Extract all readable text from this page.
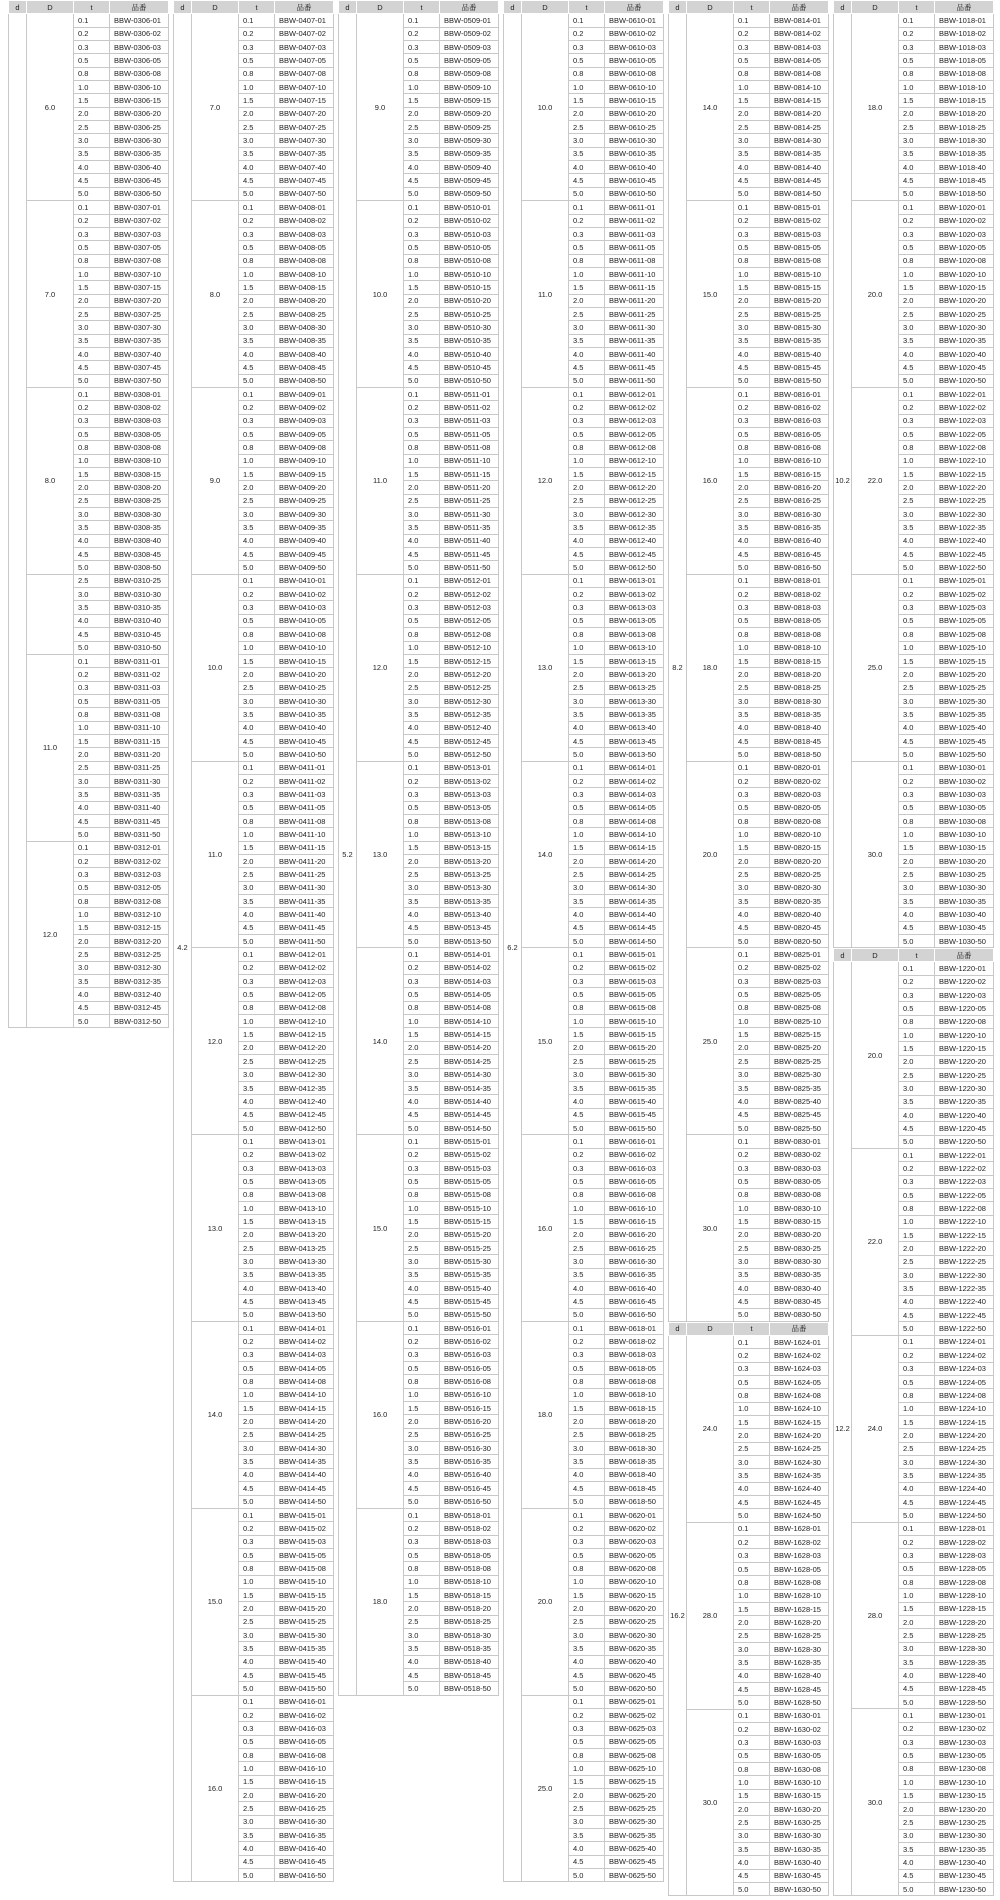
d	D	t	品番
	6.0	0.1	BBW-0306-01
		0.2	BBW-0306-02
		0.3	BBW-0306-03
		0.5	BBW-0306-05
		0.8	BBW-0306-08
		1.0	BBW-0306-10
		1.5	BBW-0306-15
		2.0	BBW-0306-20
		2.5	BBW-0306-25
		3.0	BBW-0306-30
		3.5	BBW-0306-35
		4.0	BBW-0306-40
		4.5	BBW-0306-45
		5.0	BBW-0306-50
	7.0	0.1	BBW-0307-01
		0.2	BBW-0307-02
		0.3	BBW-0307-03
		0.5	BBW-0307-05
		0.8	BBW-0307-08
		1.0	BBW-0307-10
		1.5	BBW-0307-15
		2.0	BBW-0307-20
		2.5	BBW-0307-25
		3.0	BBW-0307-30
		3.5	BBW-0307-35
		4.0	BBW-0307-40
		4.5	BBW-0307-45
		5.0	BBW-0307-50
	8.0	0.1	BBW-0308-01
		0.2	BBW-0308-02
		0.3	BBW-0308-03
		0.5	BBW-0308-05
		0.8	BBW-0308-08
		1.0	BBW-0308-10
		1.5	BBW-0308-15
		2.0	BBW-0308-20
		2.5	BBW-0308-25
		3.0	BBW-0308-30
		3.5	BBW-0308-35
		4.0	BBW-0308-40
		4.5	BBW-0308-45
		5.0	BBW-0308-50
		2.5	BBW-0310-25
		3.0	BBW-0310-30
		3.5	BBW-0310-35
		4.0	BBW-0310-40
		4.5	BBW-0310-45
		5.0	BBW-0310-50
	11.0	0.1	BBW-0311-01
		0.2	BBW-0311-02
		0.3	BBW-0311-03
		0.5	BBW-0311-05
		0.8	BBW-0311-08
		1.0	BBW-0311-10
		1.5	BBW-0311-15
		2.0	BBW-0311-20
		2.5	BBW-0311-25
		3.0	BBW-0311-30
		3.5	BBW-0311-35
		4.0	BBW-0311-40
		4.5	BBW-0311-45
		5.0	BBW-0311-50
	12.0	0.1	BBW-0312-01
		0.2	BBW-0312-02
		0.3	BBW-0312-03
		0.5	BBW-0312-05
		0.8	BBW-0312-08
		1.0	BBW-0312-10
		1.5	BBW-0312-15
		2.0	BBW-0312-20
		2.5	BBW-0312-25
		3.0	BBW-0312-30
		3.5	BBW-0312-35
		4.0	BBW-0312-40
		4.5	BBW-0312-45
		5.0	BBW-0312-50
d	D	t	品番
4.2	7.0	0.1	BBW-0407-01
		0.2	BBW-0407-02
		0.3	BBW-0407-03
		0.5	BBW-0407-05
		0.8	BBW-0407-08
		1.0	BBW-0407-10
		1.5	BBW-0407-15
		2.0	BBW-0407-20
		2.5	BBW-0407-25
		3.0	BBW-0407-30
		3.5	BBW-0407-35
		4.0	BBW-0407-40
		4.5	BBW-0407-45
		5.0	BBW-0407-50
	8.0	0.1	BBW-0408-01
		0.2	BBW-0408-02
		0.3	BBW-0408-03
		0.5	BBW-0408-05
		0.8	BBW-0408-08
		1.0	BBW-0408-10
		1.5	BBW-0408-15
		2.0	BBW-0408-20
		2.5	BBW-0408-25
		3.0	BBW-0408-30
		3.5	BBW-0408-35
		4.0	BBW-0408-40
		4.5	BBW-0408-45
		5.0	BBW-0408-50
	9.0	0.1	BBW-0409-01
		0.2	BBW-0409-02
		0.3	BBW-0409-03
		0.5	BBW-0409-05
		0.8	BBW-0409-08
		1.0	BBW-0409-10
		1.5	BBW-0409-15
		2.0	BBW-0409-20
		2.5	BBW-0409-25
		3.0	BBW-0409-30
		3.5	BBW-0409-35
		4.0	BBW-0409-40
		4.5	BBW-0409-45
		5.0	BBW-0409-50
	10.0	0.1	BBW-0410-01
		0.2	BBW-0410-02
		0.3	BBW-0410-03
		0.5	BBW-0410-05
		0.8	BBW-0410-08
		1.0	BBW-0410-10
		1.5	BBW-0410-15
		2.0	BBW-0410-20
		2.5	BBW-0410-25
		3.0	BBW-0410-30
		3.5	BBW-0410-35
		4.0	BBW-0410-40
		4.5	BBW-0410-45
		5.0	BBW-0410-50
	11.0	0.1	BBW-0411-01
		0.2	BBW-0411-02
		0.3	BBW-0411-03
		0.5	BBW-0411-05
		0.8	BBW-0411-08
		1.0	BBW-0411-10
		1.5	BBW-0411-15
		2.0	BBW-0411-20
		2.5	BBW-0411-25
		3.0	BBW-0411-30
		3.5	BBW-0411-35
		4.0	BBW-0411-40
		4.5	BBW-0411-45
		5.0	BBW-0411-50
	12.0	0.1	BBW-0412-01
		0.2	BBW-0412-02
		0.3	BBW-0412-03
		0.5	BBW-0412-05
		0.8	BBW-0412-08
		1.0	BBW-0412-10
		1.5	BBW-0412-15
		2.0	BBW-0412-20
		2.5	BBW-0412-25
		3.0	BBW-0412-30
		3.5	BBW-0412-35
		4.0	BBW-0412-40
		4.5	BBW-0412-45
		5.0	BBW-0412-50
	13.0	0.1	BBW-0413-01
		0.2	BBW-0413-02
		0.3	BBW-0413-03
		0.5	BBW-0413-05
		0.8	BBW-0413-08
		1.0	BBW-0413-10
		1.5	BBW-0413-15
		2.0	BBW-0413-20
		2.5	BBW-0413-25
		3.0	BBW-0413-30
		3.5	BBW-0413-35
		4.0	BBW-0413-40
		4.5	BBW-0413-45
		5.0	BBW-0413-50
	14.0	0.1	BBW-0414-01
		0.2	BBW-0414-02
		0.3	BBW-0414-03
		0.5	BBW-0414-05
		0.8	BBW-0414-08
		1.0	BBW-0414-10
		1.5	BBW-0414-15
		2.0	BBW-0414-20
		2.5	BBW-0414-25
		3.0	BBW-0414-30
		3.5	BBW-0414-35
		4.0	BBW-0414-40
		4.5	BBW-0414-45
		5.0	BBW-0414-50
	15.0	0.1	BBW-0415-01
		0.2	BBW-0415-02
		0.3	BBW-0415-03
		0.5	BBW-0415-05
		0.8	BBW-0415-08
		1.0	BBW-0415-10
		1.5	BBW-0415-15
		2.0	BBW-0415-20
		2.5	BBW-0415-25
		3.0	BBW-0415-30
		3.5	BBW-0415-35
		4.0	BBW-0415-40
		4.5	BBW-0415-45
		5.0	BBW-0415-50
	16.0	0.1	BBW-0416-01
		0.2	BBW-0416-02
		0.3	BBW-0416-03
		0.5	BBW-0416-05
		0.8	BBW-0416-08
		1.0	BBW-0416-10
		1.5	BBW-0416-15
		2.0	BBW-0416-20
		2.5	BBW-0416-25
		3.0	BBW-0416-30
		3.5	BBW-0416-35
		4.0	BBW-0416-40
		4.5	BBW-0416-45
		5.0	BBW-0416-50
d	D	t	品番
5.2	9.0	0.1	BBW-0509-01
		0.2	BBW-0509-02
		0.3	BBW-0509-03
		0.5	BBW-0509-05
		0.8	BBW-0509-08
		1.0	BBW-0509-10
		1.5	BBW-0509-15
		2.0	BBW-0509-20
		2.5	BBW-0509-25
		3.0	BBW-0509-30
		3.5	BBW-0509-35
		4.0	BBW-0509-40
		4.5	BBW-0509-45
		5.0	BBW-0509-50
	10.0	0.1	BBW-0510-01
		0.2	BBW-0510-02
		0.3	BBW-0510-03
		0.5	BBW-0510-05
		0.8	BBW-0510-08
		1.0	BBW-0510-10
		1.5	BBW-0510-15
		2.0	BBW-0510-20
		2.5	BBW-0510-25
		3.0	BBW-0510-30
		3.5	BBW-0510-35
		4.0	BBW-0510-40
		4.5	BBW-0510-45
		5.0	BBW-0510-50
	11.0	0.1	BBW-0511-01
		0.2	BBW-0511-02
		0.3	BBW-0511-03
		0.5	BBW-0511-05
		0.8	BBW-0511-08
		1.0	BBW-0511-10
		1.5	BBW-0511-15
		2.0	BBW-0511-20
		2.5	BBW-0511-25
		3.0	BBW-0511-30
		3.5	BBW-0511-35
		4.0	BBW-0511-40
		4.5	BBW-0511-45
		5.0	BBW-0511-50
	12.0	0.1	BBW-0512-01
		0.2	BBW-0512-02
		0.3	BBW-0512-03
		0.5	BBW-0512-05
		0.8	BBW-0512-08
		1.0	BBW-0512-10
		1.5	BBW-0512-15
		2.0	BBW-0512-20
		2.5	BBW-0512-25
		3.0	BBW-0512-30
		3.5	BBW-0512-35
		4.0	BBW-0512-40
		4.5	BBW-0512-45
		5.0	BBW-0512-50
	13.0	0.1	BBW-0513-01
		0.2	BBW-0513-02
		0.3	BBW-0513-03
		0.5	BBW-0513-05
		0.8	BBW-0513-08
		1.0	BBW-0513-10
		1.5	BBW-0513-15
		2.0	BBW-0513-20
		2.5	BBW-0513-25
		3.0	BBW-0513-30
		3.5	BBW-0513-35
		4.0	BBW-0513-40
		4.5	BBW-0513-45
		5.0	BBW-0513-50
	14.0	0.1	BBW-0514-01
		0.2	BBW-0514-02
		0.3	BBW-0514-03
		0.5	BBW-0514-05
		0.8	BBW-0514-08
		1.0	BBW-0514-10
		1.5	BBW-0514-15
		2.0	BBW-0514-20
		2.5	BBW-0514-25
		3.0	BBW-0514-30
		3.5	BBW-0514-35
		4.0	BBW-0514-40
		4.5	BBW-0514-45
		5.0	BBW-0514-50
	15.0	0.1	BBW-0515-01
		0.2	BBW-0515-02
		0.3	BBW-0515-03
		0.5	BBW-0515-05
		0.8	BBW-0515-08
		1.0	BBW-0515-10
		1.5	BBW-0515-15
		2.0	BBW-0515-20
		2.5	BBW-0515-25
		3.0	BBW-0515-30
		3.5	BBW-0515-35
		4.0	BBW-0515-40
		4.5	BBW-0515-45
		5.0	BBW-0515-50
	16.0	0.1	BBW-0516-01
		0.2	BBW-0516-02
		0.3	BBW-0516-03
		0.5	BBW-0516-05
		0.8	BBW-0516-08
		1.0	BBW-0516-10
		1.5	BBW-0516-15
		2.0	BBW-0516-20
		2.5	BBW-0516-25
		3.0	BBW-0516-30
		3.5	BBW-0516-35
		4.0	BBW-0516-40
		4.5	BBW-0516-45
		5.0	BBW-0516-50
	18.0	0.1	BBW-0518-01
		0.2	BBW-0518-02
		0.3	BBW-0518-03
		0.5	BBW-0518-05
		0.8	BBW-0518-08
		1.0	BBW-0518-10
		1.5	BBW-0518-15
		2.0	BBW-0518-20
		2.5	BBW-0518-25
		3.0	BBW-0518-30
		3.5	BBW-0518-35
		4.0	BBW-0518-40
		4.5	BBW-0518-45
		5.0	BBW-0518-50
d	D	t	品番
6.2	10.0	0.1	BBW-0610-01
		0.2	BBW-0610-02
		0.3	BBW-0610-03
		0.5	BBW-0610-05
		0.8	BBW-0610-08
		1.0	BBW-0610-10
		1.5	BBW-0610-15
		2.0	BBW-0610-20
		2.5	BBW-0610-25
		3.0	BBW-0610-30
		3.5	BBW-0610-35
		4.0	BBW-0610-40
		4.5	BBW-0610-45
		5.0	BBW-0610-50
	11.0	0.1	BBW-0611-01
		0.2	BBW-0611-02
		0.3	BBW-0611-03
		0.5	BBW-0611-05
		0.8	BBW-0611-08
		1.0	BBW-0611-10
		1.5	BBW-0611-15
		2.0	BBW-0611-20
		2.5	BBW-0611-25
		3.0	BBW-0611-30
		3.5	BBW-0611-35
		4.0	BBW-0611-40
		4.5	BBW-0611-45
		5.0	BBW-0611-50
	12.0	0.1	BBW-0612-01
		0.2	BBW-0612-02
		0.3	BBW-0612-03
		0.5	BBW-0612-05
		0.8	BBW-0612-08
		1.0	BBW-0612-10
		1.5	BBW-0612-15
		2.0	BBW-0612-20
		2.5	BBW-0612-25
		3.0	BBW-0612-30
		3.5	BBW-0612-35
		4.0	BBW-0612-40
		4.5	BBW-0612-45
		5.0	BBW-0612-50
	13.0	0.1	BBW-0613-01
		0.2	BBW-0613-02
		0.3	BBW-0613-03
		0.5	BBW-0613-05
		0.8	BBW-0613-08
		1.0	BBW-0613-10
		1.5	BBW-0613-15
		2.0	BBW-0613-20
		2.5	BBW-0613-25
		3.0	BBW-0613-30
		3.5	BBW-0613-35
		4.0	BBW-0613-40
		4.5	BBW-0613-45
		5.0	BBW-0613-50
	14.0	0.1	BBW-0614-01
		0.2	BBW-0614-02
		0.3	BBW-0614-03
		0.5	BBW-0614-05
		0.8	BBW-0614-08
		1.0	BBW-0614-10
		1.5	BBW-0614-15
		2.0	BBW-0614-20
		2.5	BBW-0614-25
		3.0	BBW-0614-30
		3.5	BBW-0614-35
		4.0	BBW-0614-40
		4.5	BBW-0614-45
		5.0	BBW-0614-50
	15.0	0.1	BBW-0615-01
		0.2	BBW-0615-02
		0.3	BBW-0615-03
		0.5	BBW-0615-05
		0.8	BBW-0615-08
		1.0	BBW-0615-10
		1.5	BBW-0615-15
		2.0	BBW-0615-20
		2.5	BBW-0615-25
		3.0	BBW-0615-30
		3.5	BBW-0615-35
		4.0	BBW-0615-40
		4.5	BBW-0615-45
		5.0	BBW-0615-50
	16.0	0.1	BBW-0616-01
		0.2	BBW-0616-02
		0.3	BBW-0616-03
		0.5	BBW-0616-05
		0.8	BBW-0616-08
		1.0	BBW-0616-10
		1.5	BBW-0616-15
		2.0	BBW-0616-20
		2.5	BBW-0616-25
		3.0	BBW-0616-30
		3.5	BBW-0616-35
		4.0	BBW-0616-40
		4.5	BBW-0616-45
		5.0	BBW-0616-50
	18.0	0.1	BBW-0618-01
		0.2	BBW-0618-02
		0.3	BBW-0618-03
		0.5	BBW-0618-05
		0.8	BBW-0618-08
		1.0	BBW-0618-10
		1.5	BBW-0618-15
		2.0	BBW-0618-20
		2.5	BBW-0618-25
		3.0	BBW-0618-30
		3.5	BBW-0618-35
		4.0	BBW-0618-40
		4.5	BBW-0618-45
		5.0	BBW-0618-50
	20.0	0.1	BBW-0620-01
		0.2	BBW-0620-02
		0.3	BBW-0620-03
		0.5	BBW-0620-05
		0.8	BBW-0620-08
		1.0	BBW-0620-10
		1.5	BBW-0620-15
		2.0	BBW-0620-20
		2.5	BBW-0620-25
		3.0	BBW-0620-30
		3.5	BBW-0620-35
		4.0	BBW-0620-40
		4.5	BBW-0620-45
		5.0	BBW-0620-50
	25.0	0.1	BBW-0625-01
		0.2	BBW-0625-02
		0.3	BBW-0625-03
		0.5	BBW-0625-05
		0.8	BBW-0625-08
		1.0	BBW-0625-10
		1.5	BBW-0625-15
		2.0	BBW-0625-20
		2.5	BBW-0625-25
		3.0	BBW-0625-30
		3.5	BBW-0625-35
		4.0	BBW-0625-40
		4.5	BBW-0625-45
		5.0	BBW-0625-50
d	D	t	品番
8.2	14.0	0.1	BBW-0814-01
		0.2	BBW-0814-02
		0.3	BBW-0814-03
		0.5	BBW-0814-05
		0.8	BBW-0814-08
		1.0	BBW-0814-10
		1.5	BBW-0814-15
		2.0	BBW-0814-20
		2.5	BBW-0814-25
		3.0	BBW-0814-30
		3.5	BBW-0814-35
		4.0	BBW-0814-40
		4.5	BBW-0814-45
		5.0	BBW-0814-50
	15.0	0.1	BBW-0815-01
		0.2	BBW-0815-02
		0.3	BBW-0815-03
		0.5	BBW-0815-05
		0.8	BBW-0815-08
		1.0	BBW-0815-10
		1.5	BBW-0815-15
		2.0	BBW-0815-20
		2.5	BBW-0815-25
		3.0	BBW-0815-30
		3.5	BBW-0815-35
		4.0	BBW-0815-40
		4.5	BBW-0815-45
		5.0	BBW-0815-50
	16.0	0.1	BBW-0816-01
		0.2	BBW-0816-02
		0.3	BBW-0816-03
		0.5	BBW-0816-05
		0.8	BBW-0816-08
		1.0	BBW-0816-10
		1.5	BBW-0816-15
		2.0	BBW-0816-20
		2.5	BBW-0816-25
		3.0	BBW-0816-30
		3.5	BBW-0816-35
		4.0	BBW-0816-40
		4.5	BBW-0816-45
		5.0	BBW-0816-50
	18.0	0.1	BBW-0818-01
		0.2	BBW-0818-02
		0.3	BBW-0818-03
		0.5	BBW-0818-05
		0.8	BBW-0818-08
		1.0	BBW-0818-10
		1.5	BBW-0818-15
		2.0	BBW-0818-20
		2.5	BBW-0818-25
		3.0	BBW-0818-30
		3.5	BBW-0818-35
		4.0	BBW-0818-40
		4.5	BBW-0818-45
		5.0	BBW-0818-50
	20.0	0.1	BBW-0820-01
		0.2	BBW-0820-02
		0.3	BBW-0820-03
		0.5	BBW-0820-05
		0.8	BBW-0820-08
		1.0	BBW-0820-10
		1.5	BBW-0820-15
		2.0	BBW-0820-20
		2.5	BBW-0820-25
		3.0	BBW-0820-30
		3.5	BBW-0820-35
		4.0	BBW-0820-40
		4.5	BBW-0820-45
		5.0	BBW-0820-50
	25.0	0.1	BBW-0825-01
		0.2	BBW-0825-02
		0.3	BBW-0825-03
		0.5	BBW-0825-05
		0.8	BBW-0825-08
		1.0	BBW-0825-10
		1.5	BBW-0825-15
		2.0	BBW-0825-20
		2.5	BBW-0825-25
		3.0	BBW-0825-30
		3.5	BBW-0825-35
		4.0	BBW-0825-40
		4.5	BBW-0825-45
		5.0	BBW-0825-50
	30.0	0.1	BBW-0830-01
		0.2	BBW-0830-02
		0.3	BBW-0830-03
		0.5	BBW-0830-05
		0.8	BBW-0830-08
		1.0	BBW-0830-10
		1.5	BBW-0830-15
		2.0	BBW-0830-20
		2.5	BBW-0830-25
		3.0	BBW-0830-30
		3.5	BBW-0830-35
		4.0	BBW-0830-40
		4.5	BBW-0830-45
		5.0	BBW-0830-50
d	D	t	品番
16.2	24.0	0.1	BBW-1624-01
		0.2	BBW-1624-02
		0.3	BBW-1624-03
		0.5	BBW-1624-05
		0.8	BBW-1624-08
		1.0	BBW-1624-10
		1.5	BBW-1624-15
		2.0	BBW-1624-20
		2.5	BBW-1624-25
		3.0	BBW-1624-30
		3.5	BBW-1624-35
		4.0	BBW-1624-40
		4.5	BBW-1624-45
		5.0	BBW-1624-50
	28.0	0.1	BBW-1628-01
		0.2	BBW-1628-02
		0.3	BBW-1628-03
		0.5	BBW-1628-05
		0.8	BBW-1628-08
		1.0	BBW-1628-10
		1.5	BBW-1628-15
		2.0	BBW-1628-20
		2.5	BBW-1628-25
		3.0	BBW-1628-30
		3.5	BBW-1628-35
		4.0	BBW-1628-40
		4.5	BBW-1628-45
		5.0	BBW-1628-50
	30.0	0.1	BBW-1630-01
		0.2	BBW-1630-02
		0.3	BBW-1630-03
		0.5	BBW-1630-05
		0.8	BBW-1630-08
		1.0	BBW-1630-10
		1.5	BBW-1630-15
		2.0	BBW-1630-20
		2.5	BBW-1630-25
		3.0	BBW-1630-30
		3.5	BBW-1630-35
		4.0	BBW-1630-40
		4.5	BBW-1630-45
		5.0	BBW-1630-50
d	D	t	品番
10.2	18.0	0.1	BBW-1018-01
		0.2	BBW-1018-02
		0.3	BBW-1018-03
		0.5	BBW-1018-05
		0.8	BBW-1018-08
		1.0	BBW-1018-10
		1.5	BBW-1018-15
		2.0	BBW-1018-20
		2.5	BBW-1018-25
		3.0	BBW-1018-30
		3.5	BBW-1018-35
		4.0	BBW-1018-40
		4.5	BBW-1018-45
		5.0	BBW-1018-50
	20.0	0.1	BBW-1020-01
		0.2	BBW-1020-02
		0.3	BBW-1020-03
		0.5	BBW-1020-05
		0.8	BBW-1020-08
		1.0	BBW-1020-10
		1.5	BBW-1020-15
		2.0	BBW-1020-20
		2.5	BBW-1020-25
		3.0	BBW-1020-30
		3.5	BBW-1020-35
		4.0	BBW-1020-40
		4.5	BBW-1020-45
		5.0	BBW-1020-50
	22.0	0.1	BBW-1022-01
		0.2	BBW-1022-02
		0.3	BBW-1022-03
		0.5	BBW-1022-05
		0.8	BBW-1022-08
		1.0	BBW-1022-10
		1.5	BBW-1022-15
		2.0	BBW-1022-20
		2.5	BBW-1022-25
		3.0	BBW-1022-30
		3.5	BBW-1022-35
		4.0	BBW-1022-40
		4.5	BBW-1022-45
		5.0	BBW-1022-50
	25.0	0.1	BBW-1025-01
		0.2	BBW-1025-02
		0.3	BBW-1025-03
		0.5	BBW-1025-05
		0.8	BBW-1025-08
		1.0	BBW-1025-10
		1.5	BBW-1025-15
		2.0	BBW-1025-20
		2.5	BBW-1025-25
		3.0	BBW-1025-30
		3.5	BBW-1025-35
		4.0	BBW-1025-40
		4.5	BBW-1025-45
		5.0	BBW-1025-50
	30.0	0.1	BBW-1030-01
		0.2	BBW-1030-02
		0.3	BBW-1030-03
		0.5	BBW-1030-05
		0.8	BBW-1030-08
		1.0	BBW-1030-10
		1.5	BBW-1030-15
		2.0	BBW-1030-20
		2.5	BBW-1030-25
		3.0	BBW-1030-30
		3.5	BBW-1030-35
		4.0	BBW-1030-40
		4.5	BBW-1030-45
		5.0	BBW-1030-50
d	D	t	品番
12.2	20.0	0.1	BBW-1220-01
		0.2	BBW-1220-02
		0.3	BBW-1220-03
		0.5	BBW-1220-05
		0.8	BBW-1220-08
		1.0	BBW-1220-10
		1.5	BBW-1220-15
		2.0	BBW-1220-20
		2.5	BBW-1220-25
		3.0	BBW-1220-30
		3.5	BBW-1220-35
		4.0	BBW-1220-40
		4.5	BBW-1220-45
		5.0	BBW-1220-50
	22.0	0.1	BBW-1222-01
		0.2	BBW-1222-02
		0.3	BBW-1222-03
		0.5	BBW-1222-05
		0.8	BBW-1222-08
		1.0	BBW-1222-10
		1.5	BBW-1222-15
		2.0	BBW-1222-20
		2.5	BBW-1222-25
		3.0	BBW-1222-30
		3.5	BBW-1222-35
		4.0	BBW-1222-40
		4.5	BBW-1222-45
		5.0	BBW-1222-50
	24.0	0.1	BBW-1224-01
		0.2	BBW-1224-02
		0.3	BBW-1224-03
		0.5	BBW-1224-05
		0.8	BBW-1224-08
		1.0	BBW-1224-10
		1.5	BBW-1224-15
		2.0	BBW-1224-20
		2.5	BBW-1224-25
		3.0	BBW-1224-30
		3.5	BBW-1224-35
		4.0	BBW-1224-40
		4.5	BBW-1224-45
		5.0	BBW-1224-50
	28.0	0.1	BBW-1228-01
		0.2	BBW-1228-02
		0.3	BBW-1228-03
		0.5	BBW-1228-05
		0.8	BBW-1228-08
		1.0	BBW-1228-10
		1.5	BBW-1228-15
		2.0	BBW-1228-20
		2.5	BBW-1228-25
		3.0	BBW-1228-30
		3.5	BBW-1228-35
		4.0	BBW-1228-40
		4.5	BBW-1228-45
		5.0	BBW-1228-50
	30.0	0.1	BBW-1230-01
		0.2	BBW-1230-02
		0.3	BBW-1230-03
		0.5	BBW-1230-05
		0.8	BBW-1230-08
		1.0	BBW-1230-10
		1.5	BBW-1230-15
		2.0	BBW-1230-20
		2.5	BBW-1230-25
		3.0	BBW-1230-30
		3.5	BBW-1230-35
		4.0	BBW-1230-40
		4.5	BBW-1230-45
		5.0	BBW-1230-50
